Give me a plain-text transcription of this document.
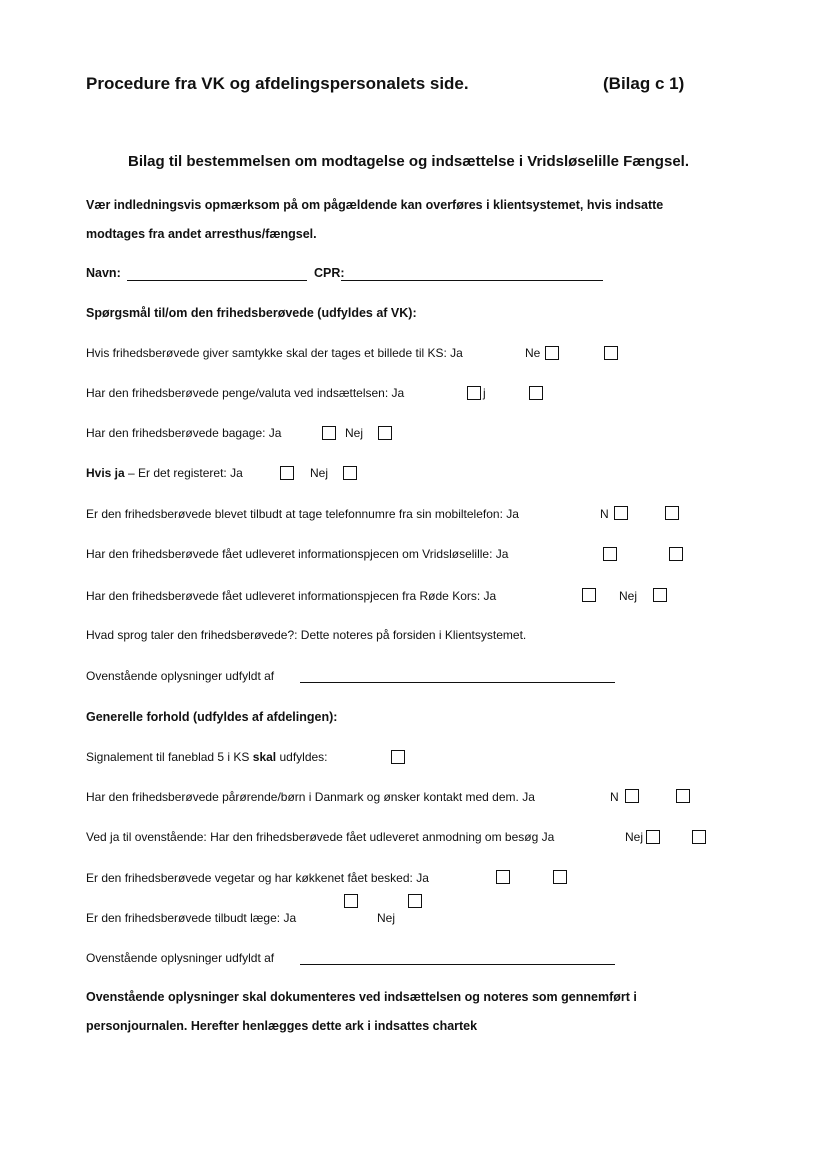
Procedure fra VK og afdelingspersonalets side.	(Bilag c 1)
Bilag til bestemmelsen om modtagelse og indsættelse i Vridsløselille Fængsel.
Vær indledningsvis opmærksom på om pågældende kan overføres i klientsystemet, hvis indsatte
modtages fra andet arresthus/fængsel.
Navn:	CPR:
Spørgsmål til/om den frihedsberøvede (udfyldes af VK):
Hvis frihedsberøvede giver samtykke skal der tages et billede til KS: Ja	Ne
Har den frihedsberøvede penge/valuta ved indsættelsen: Ja	j
Har den frihedsberøvede bagage: Ja	Nej
Hvis ja – Er det registeret: Ja	Nej
Er den frihedsberøvede blevet tilbudt at tage telefonnumre fra sin mobiltelefon: Ja	N
Har den frihedsberøvede fået udleveret informationspjecen om Vridsløselille: Ja
Har den frihedsberøvede fået udleveret informationspjecen fra Røde Kors: Ja	Nej
Hvad sprog taler den frihedsberøvede?: Dette noteres på forsiden i Klientsystemet.
Ovenstående oplysninger udfyldt af
Generelle forhold (udfyldes af afdelingen):
Signalement til faneblad 5 i KS skal udfyldes:
Har den frihedsberøvede pårørende/børn i Danmark og ønsker kontakt med dem. Ja	N
Ved ja til ovenstående: Har den frihedsberøvede fået udleveret anmodning om besøg Ja	Nej
Er den frihedsberøvede vegetar og har køkkenet fået besked: Ja
Er den frihedsberøvede tilbudt læge: Ja	Nej
Ovenstående oplysninger udfyldt af
Ovenstående oplysninger skal dokumenteres ved indsættelsen og noteres som gennemført i
personjournalen. Herefter henlægges dette ark i indsattes chartek
